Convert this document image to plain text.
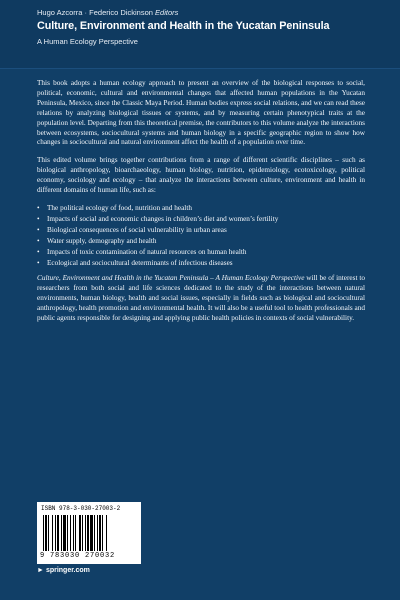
Hugo Azcorra · Federico Dickinson Editors
Culture, Environment and Health in the Yucatan Peninsula
A Human Ecology Perspective

This book adopts a human ecology approach to present an overview of the biological responses to social, political, economic, cultural and environmental changes that affected human populations in the Yucatan Peninsula, Mexico, since the Classic Maya Period. Human bodies express social relations, and we can read these relations by analyzing biological tissues or systems, and by measuring certain phenotypical traits at the population level. Departing from this theoretical premise, the contributors to this volume analyze the interactions between ecosystems, sociocultural systems and human biology in a specific geographic region to show how changes in sociocultural and natural environment affect the health of a population over time.

This edited volume brings together contributions from a range of different scientific disciplines – such as biological anthropology, bioarchaeology, human biology, nutrition, epidemiology, ecotoxicology, political economy, sociology and ecology – that analyze the interactions between culture, environment and health in different domains of human life, such as:

• The political ecology of food, nutrition and health
• Impacts of social and economic changes in children’s diet and women’s fertility
• Biological consequences of social vulnerability in urban areas
• Water supply, demography and health
• Impacts of toxic contamination of natural resources on human health
• Ecological and sociocultural determinants of infectious diseases

Culture, Environment and Health in the Yucatan Peninsula – A Human Ecology Perspective will be of interest to researchers from both social and life sciences dedicated to the study of the interactions between natural environments, human biology, health and social issues, especially in fields such as biological and sociocultural anthropology, health promotion and environmental health. It will also be a useful tool to health professionals and public agents responsible for designing and applying public health policies in contexts of social vulnerability.

ISBN 978-3-030-27003-2
9 783030 270032
► springer.com
